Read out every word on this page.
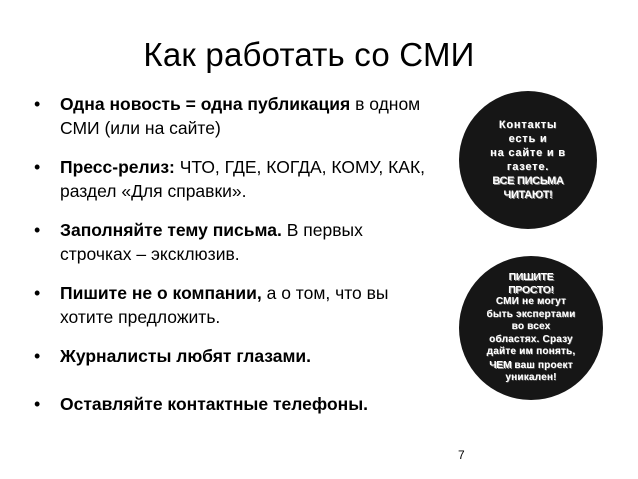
Как работать со СМИ
• Одна новость = одна публикация в одном СМИ (или на сайте)
• Пресс-релиз: ЧТО, ГДЕ, КОГДА, КОМУ, КАК, раздел «Для справки».
• Заполняйте тему письма. В первых строчках – эксклюзив.
• Пишите не о компании, а о том, что вы хотите предложить.
• Журналисты любят глазами.
• Оставляйте контактные телефоны.
Контакты
есть и
на сайте и в
газете.
ВСЕ ПИСЬМА
ЧИТАЮТ!
ПИШИТЕ
ПРОСТО!
СМИ не могут
быть экспертами
во всех
областях. Сразу
дайте им понять,
ЧЕМ ваш проект
уникален!
7
